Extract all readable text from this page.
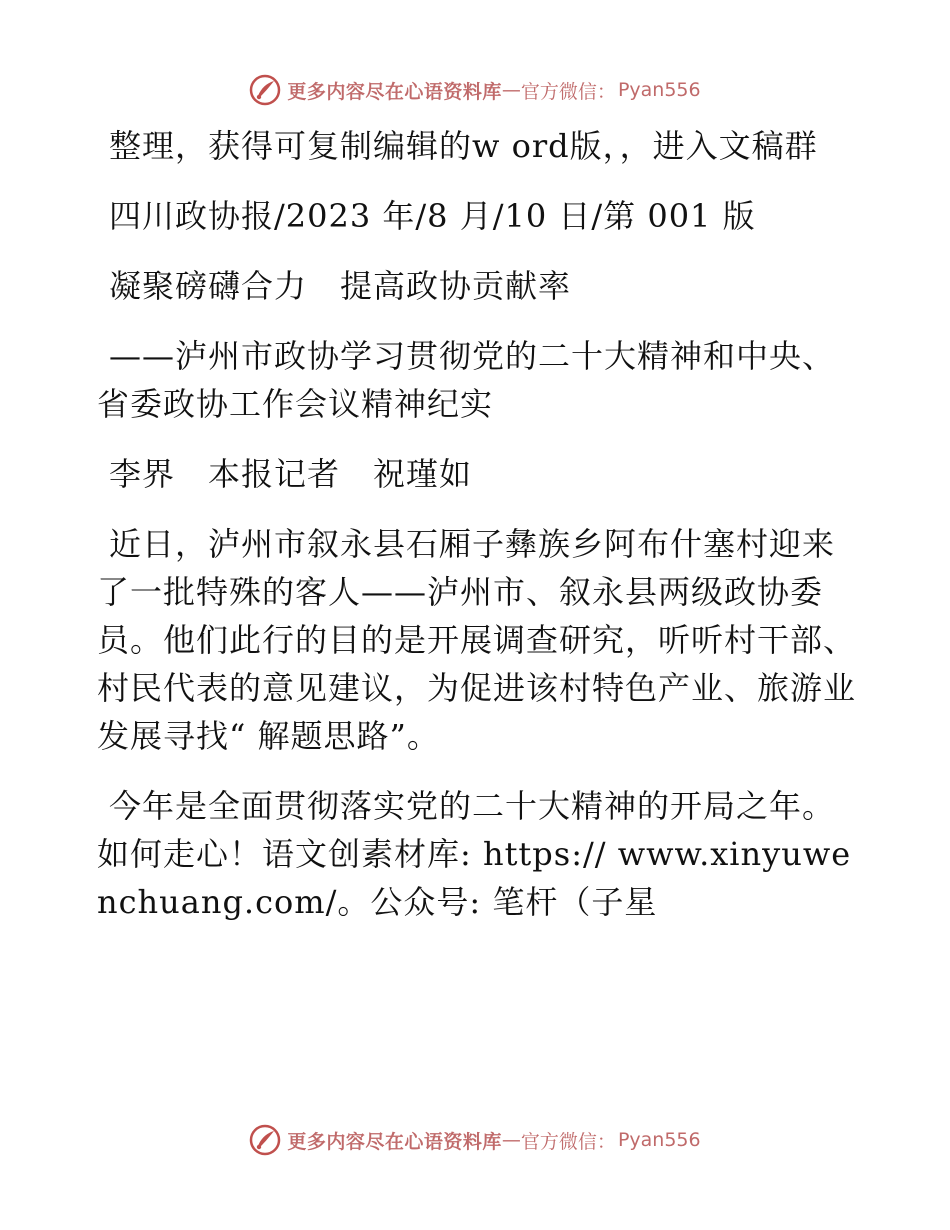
更多内容尽在心语资料库 — 官方微信： Pyan556

整理，获得可复制编辑的w ord版，，进入文稿群

四川政协报/2023 年/8 月/10 日/第 001 版

凝聚磅礴合力　提高政协贡献率

——泸州市政协学习贯彻党的二十大精神和中央、省委政协工作会议精神纪实

李界　本报记者　祝瑾如

近日，泸州市叙永县石厢子彝族乡阿布什塞村迎来了一批特殊的客人——泸州市、叙永县两级政协委员。他们此行的目的是开展调查研究，听听村干部、村民代表的意见建议，为促进该村特色产业、旅游业发展寻找“ 解题思路”。

今年是全面贯彻落实党的二十大精神的开局之年。如何走心！语文创素材库: https:// www.xinyuwenchuang.com/。公众号: 笔杆（子星

更多内容尽在心语资料库 — 官方微信： Pyan556
